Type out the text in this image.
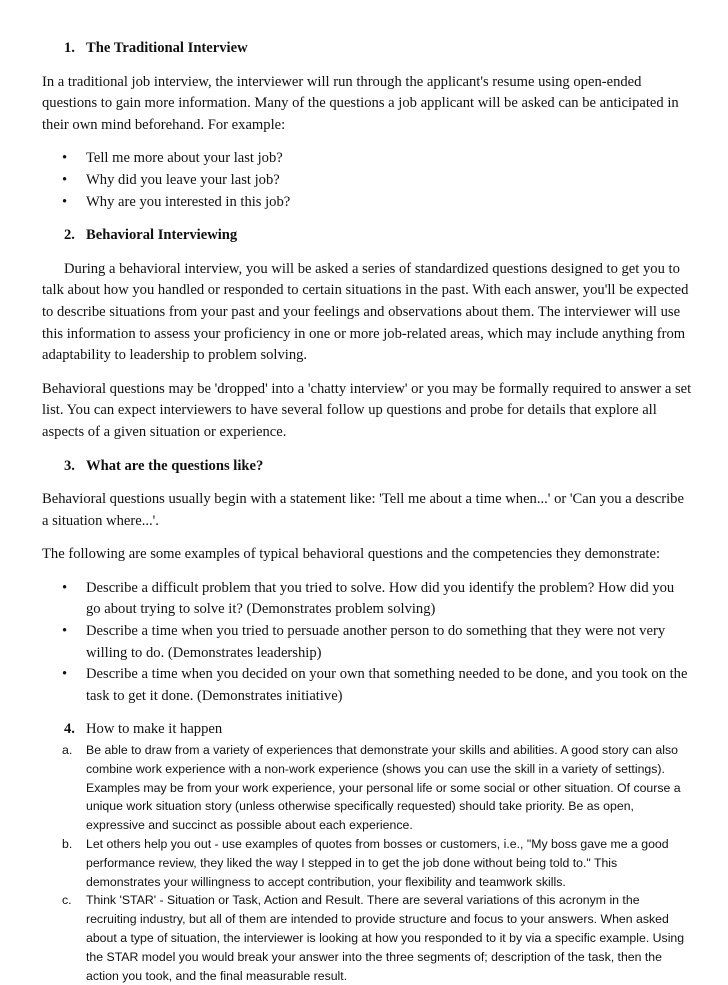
1. The Traditional Interview

In a traditional job interview, the interviewer will run through the applicant's resume using open-ended questions to gain more information. Many of the questions a job applicant will be asked can be anticipated in their own mind beforehand. For example:

• Tell me more about your last job?
• Why did you leave your last job?
• Why are you interested in this job?

2. Behavioral Interviewing

During a behavioral interview, you will be asked a series of standardized questions designed to get you to talk about how you handled or responded to certain situations in the past. With each answer, you'll be expected to describe situations from your past and your feelings and observations about them. The interviewer will use this information to assess your proficiency in one or more job-related areas, which may include anything from adaptability to leadership to problem solving.

Behavioral questions may be 'dropped' into a 'chatty interview' or you may be formally required to answer a set list. You can expect interviewers to have several follow up questions and probe for details that explore all aspects of a given situation or experience.

3. What are the questions like?

Behavioral questions usually begin with a statement like: 'Tell me about a time when...' or 'Can you a describe a situation where...'.

The following are some examples of typical behavioral questions and the competencies they demonstrate:

• Describe a difficult problem that you tried to solve. How did you identify the problem? How did you go about trying to solve it? (Demonstrates problem solving)
• Describe a time when you tried to persuade another person to do something that they were not very willing to do. (Demonstrates leadership)
• Describe a time when you decided on your own that something needed to be done, and you took on the task to get it done. (Demonstrates initiative)

4. How to make it happen

a. Be able to draw from a variety of experiences that demonstrate your skills and abilities. A good story can also combine work experience with a non-work experience (shows you can use the skill in a variety of settings). Examples may be from your work experience, your personal life or some social or other situation. Of course a unique work situation story (unless otherwise specifically requested) should take priority. Be as open, expressive and succinct as possible about each experience.
b. Let others help you out - use examples of quotes from bosses or customers, i.e., "My boss gave me a good performance review, they liked the way I stepped in to get the job done without being told to." This demonstrates your willingness to accept contribution, your flexibility and teamwork skills.
c. Think 'STAR' - Situation or Task, Action and Result. There are several variations of this acronym in the recruiting industry, but all of them are intended to provide structure and focus to your answers. When asked about a type of situation, the interviewer is looking at how you responded to it by via a specific example. Using the STAR model you would break your answer into the three segments of; description of the task, then the action you took, and the final measurable result.
